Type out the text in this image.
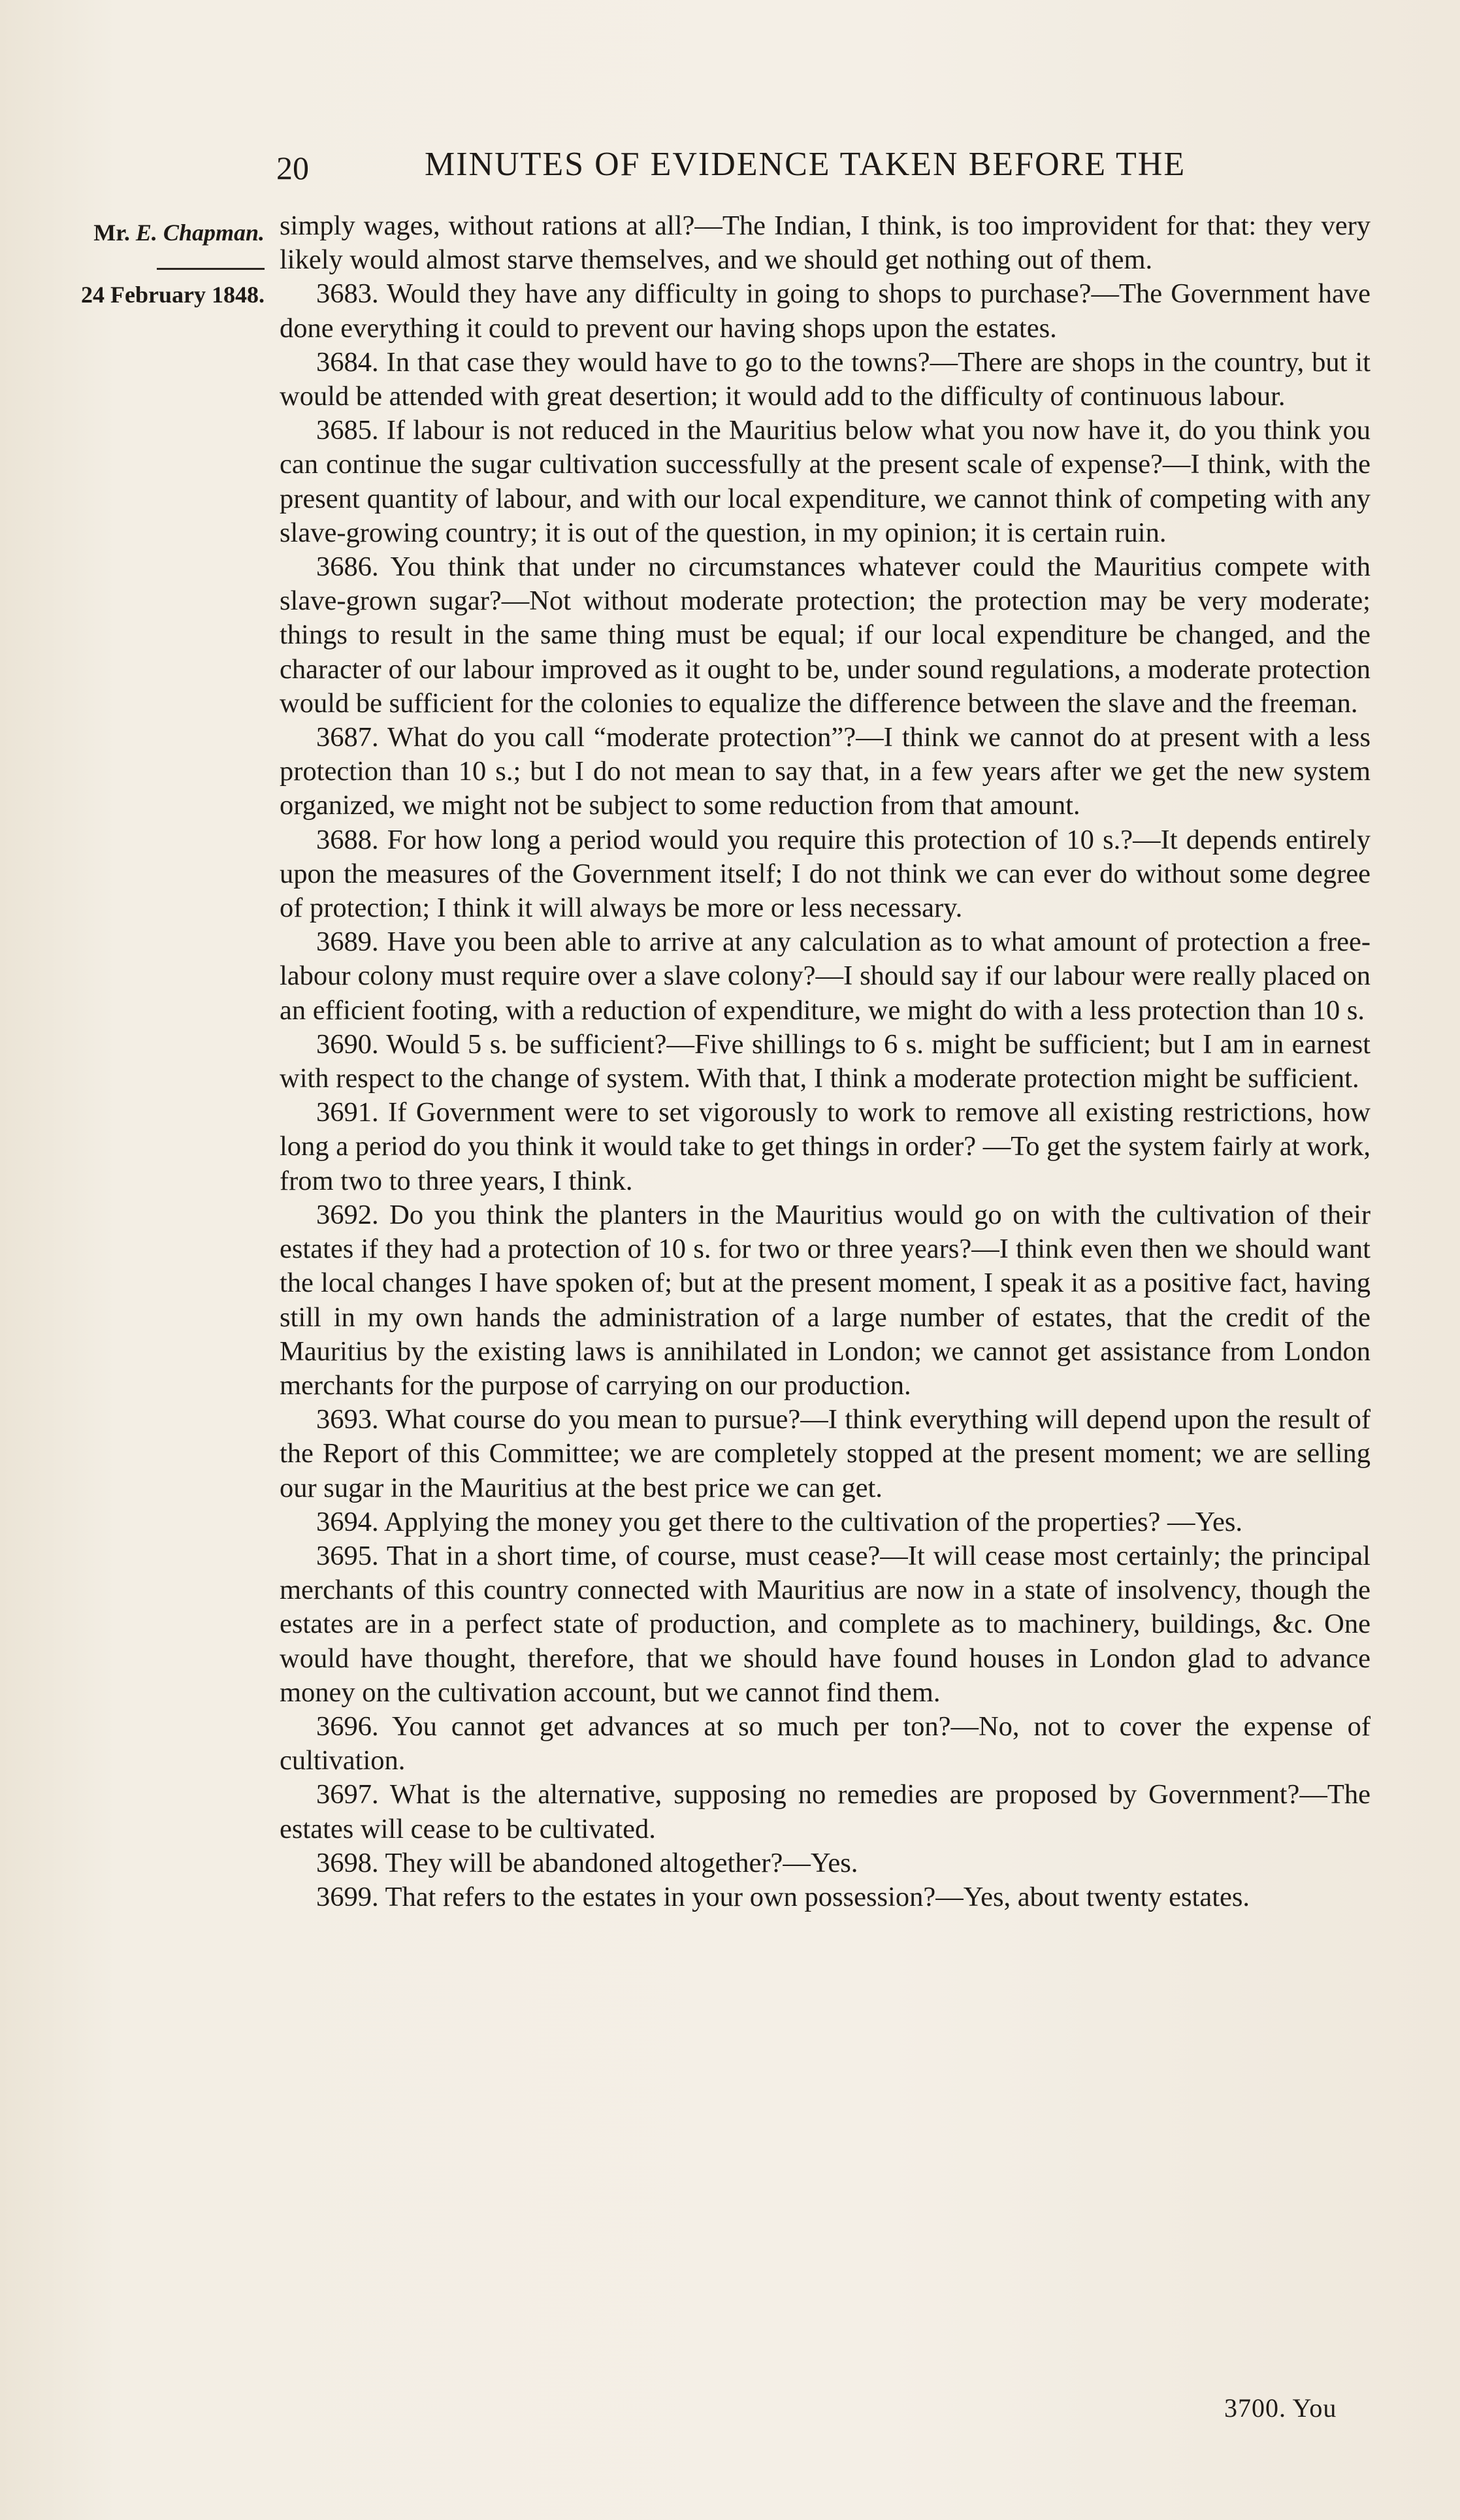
20	MINUTES OF EVIDENCE TAKEN BEFORE THE
Mr. E. Chapman.
24 February 1848.

simply wages, without rations at all?—The Indian, I think, is too improvident for that: they very likely would almost starve themselves, and we should get nothing out of them.

3683. Would they have any difficulty in going to shops to purchase?—The Government have done everything it could to prevent our having shops upon the estates.

3684. In that case they would have to go to the towns?—There are shops in the country, but it would be attended with great desertion; it would add to the difficulty of continuous labour.

3685. If labour is not reduced in the Mauritius below what you now have it, do you think you can continue the sugar cultivation successfully at the present scale of expense?—I think, with the present quantity of labour, and with our local expenditure, we cannot think of competing with any slave-growing country; it is out of the question, in my opinion; it is certain ruin.

3686. You think that under no circumstances whatever could the Mauritius compete with slave-grown sugar?—Not without moderate protection; the protection may be very moderate; things to result in the same thing must be equal; if our local expenditure be changed, and the character of our labour improved as it ought to be, under sound regulations, a moderate protection would be sufficient for the colonies to equalize the difference between the slave and the freeman.

3687. What do you call “moderate protection”?—I think we cannot do at present with a less protection than 10 s.; but I do not mean to say that, in a few years after we get the new system organized, we might not be subject to some reduction from that amount.

3688. For how long a period would you require this protection of 10 s.?—It depends entirely upon the measures of the Government itself; I do not think we can ever do without some degree of protection; I think it will always be more or less necessary.

3689. Have you been able to arrive at any calculation as to what amount of protection a free-labour colony must require over a slave colony?—I should say if our labour were really placed on an efficient footing, with a reduction of expenditure, we might do with a less protection than 10 s.

3690. Would 5 s. be sufficient?—Five shillings to 6 s. might be sufficient; but I am in earnest with respect to the change of system. With that, I think a moderate protection might be sufficient.

3691. If Government were to set vigorously to work to remove all existing restrictions, how long a period do you think it would take to get things in order? —To get the system fairly at work, from two to three years, I think.

3692. Do you think the planters in the Mauritius would go on with the cultivation of their estates if they had a protection of 10 s. for two or three years?—I think even then we should want the local changes I have spoken of; but at the present moment, I speak it as a positive fact, having still in my own hands the administration of a large number of estates, that the credit of the Mauritius by the existing laws is annihilated in London; we cannot get assistance from London merchants for the purpose of carrying on our production.

3693. What course do you mean to pursue?—I think everything will depend upon the result of the Report of this Committee; we are completely stopped at the present moment; we are selling our sugar in the Mauritius at the best price we can get.

3694. Applying the money you get there to the cultivation of the properties? —Yes.

3695. That in a short time, of course, must cease?—It will cease most certainly; the principal merchants of this country connected with Mauritius are now in a state of insolvency, though the estates are in a perfect state of production, and complete as to machinery, buildings, &c. One would have thought, therefore, that we should have found houses in London glad to advance money on the cultivation account, but we cannot find them.

3696. You cannot get advances at so much per ton?—No, not to cover the expense of cultivation.

3697. What is the alternative, supposing no remedies are proposed by Government?—The estates will cease to be cultivated.

3698. They will be abandoned altogether?—Yes.

3699. That refers to the estates in your own possession?—Yes, about twenty estates.

3700. You
